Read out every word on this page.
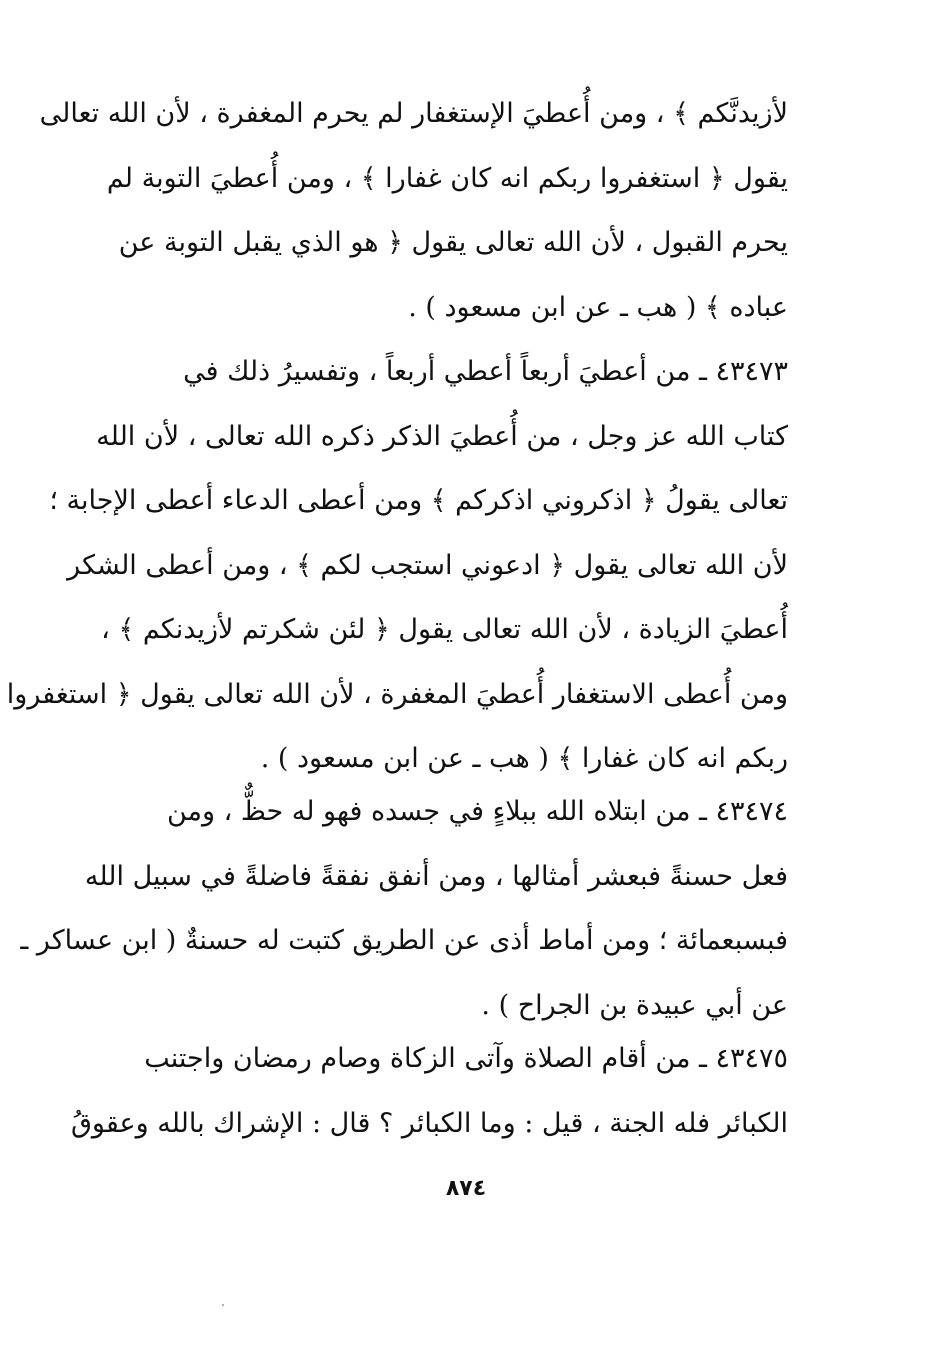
لأزيدنَّكم ﴾ ، ومن أُعطيَ الإستغفار لم يحرم المغفرة ، لأن الله تعالى
يقول ﴿ استغفروا ربكم انه كان غفارا ﴾ ، ومن أُعطيَ التوبة لم
يحرم القبول ، لأن الله تعالى يقول ﴿ هو الذي يقبل التوبة عن
عباده ﴾ ( هب ـ عن ابن مسعود ) .
٤٣٤٧٣ ـ من أعطيَ أربعاً أعطي أربعاً ، وتفسيرُ ذلك في
كتاب الله عز وجل ، من أُعطيَ الذكر ذكره الله تعالى ، لأن الله
تعالى يقولُ ﴿ اذكروني اذكركم ﴾ ومن أعطى الدعاء أعطى الإجابة ؛
لأن الله تعالى يقول ﴿ ادعوني استجب لكم ﴾ ، ومن أعطى الشكر
أُعطيَ الزيادة ، لأن الله تعالى يقول ﴿ لئن شكرتم لأزيدنكم ﴾ ،
ومن أُعطى الاستغفار أُعطيَ المغفرة ، لأن الله تعالى يقول ﴿ استغفروا
ربكم انه كان غفارا ﴾ ( هب ـ عن ابن مسعود ) .
٤٣٤٧٤ ـ من ابتلاه الله ببلاءٍ في جسده فهو له حظٌّ ، ومن
فعل حسنةً فبعشر أمثالها ، ومن أنفق نفقةً فاضلةً في سبيل الله
فبسبعمائة ؛ ومن أماط أذى عن الطريق كتبت له حسنةٌ ( ابن عساكر ـ
عن أبي عبيدة بن الجراح ) .
٤٣٤٧٥ ـ من أقام الصلاة وآتى الزكاة وصام رمضان واجتنب
الكبائر فله الجنة ، قيل : وما الكبائر ؟ قال : الإشراك بالله وعقوقُ
٨٧٤
